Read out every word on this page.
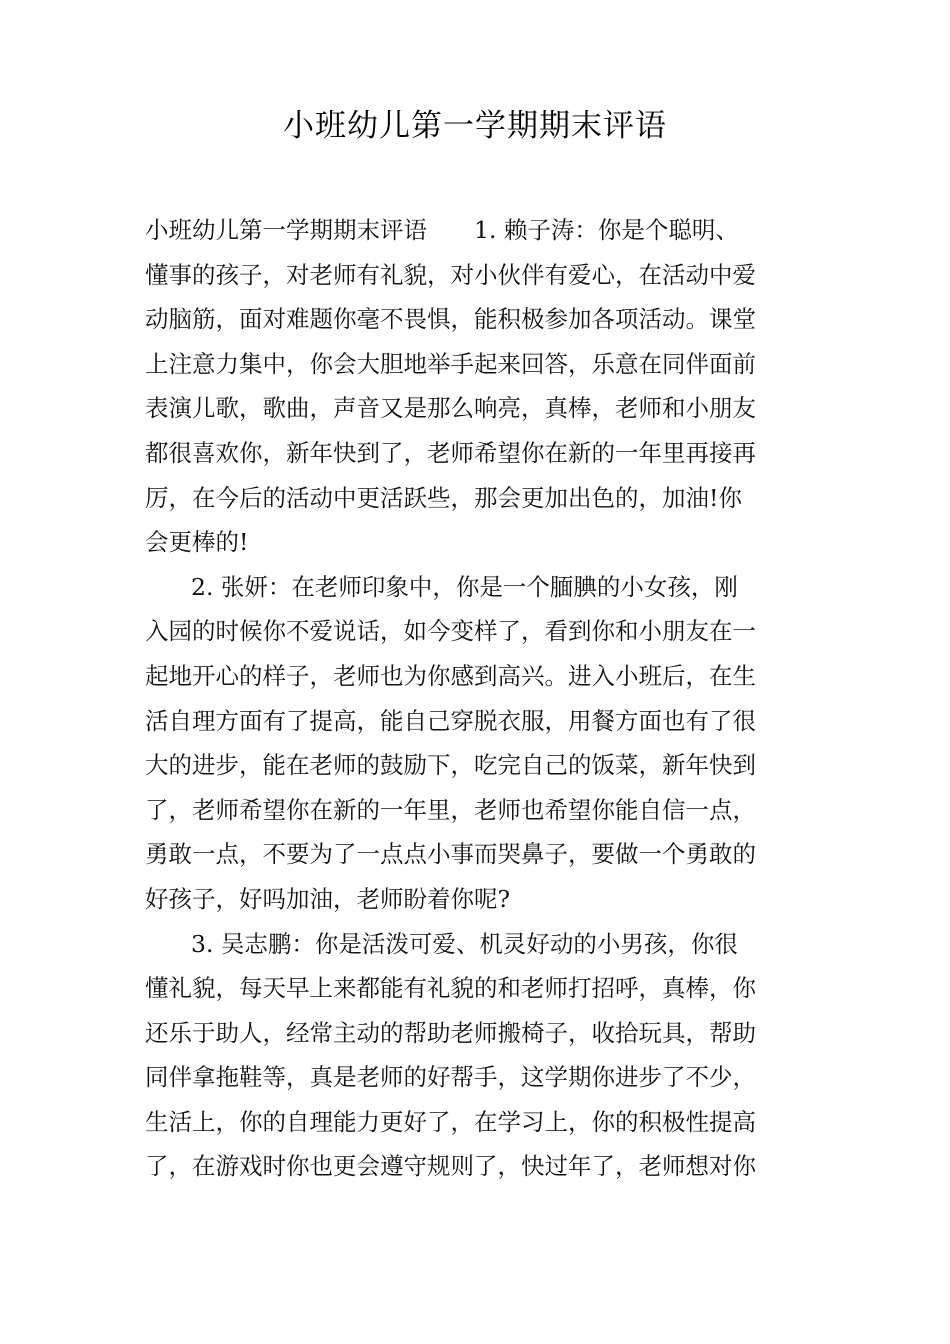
小班幼儿第一学期期末评语
小班幼儿第一学期期末评语　　1. 赖子涛：你是个聪明、
懂事的孩子，对老师有礼貌，对小伙伴有爱心，在活动中爱
动脑筋，面对难题你毫不畏惧，能积极参加各项活动。课堂
上注意力集中，你会大胆地举手起来回答，乐意在同伴面前
表演儿歌，歌曲，声音又是那么响亮，真棒，老师和小朋友
都很喜欢你，新年快到了，老师希望你在新的一年里再接再
厉，在今后的活动中更活跃些，那会更加出色的，加油!你
会更棒的!
2. 张妍：在老师印象中，你是一个腼腆的小女孩，刚
入园的时候你不爱说话，如今变样了，看到你和小朋友在一
起地开心的样子，老师也为你感到高兴。进入小班后，在生
活自理方面有了提高，能自己穿脱衣服，用餐方面也有了很
大的进步，能在老师的鼓励下，吃完自己的饭菜，新年快到
了，老师希望你在新的一年里，老师也希望你能自信一点，
勇敢一点，不要为了一点点小事而哭鼻子，要做一个勇敢的
好孩子，好吗加油，老师盼着你呢?
3. 吴志鹏：你是活泼可爱、机灵好动的小男孩，你很
懂礼貌，每天早上来都能有礼貌的和老师打招呼，真棒，你
还乐于助人，经常主动的帮助老师搬椅子，收拾玩具，帮助
同伴拿拖鞋等，真是老师的好帮手，这学期你进步了不少，
生活上，你的自理能力更好了，在学习上，你的积极性提高
了，在游戏时你也更会遵守规则了，快过年了，老师想对你
